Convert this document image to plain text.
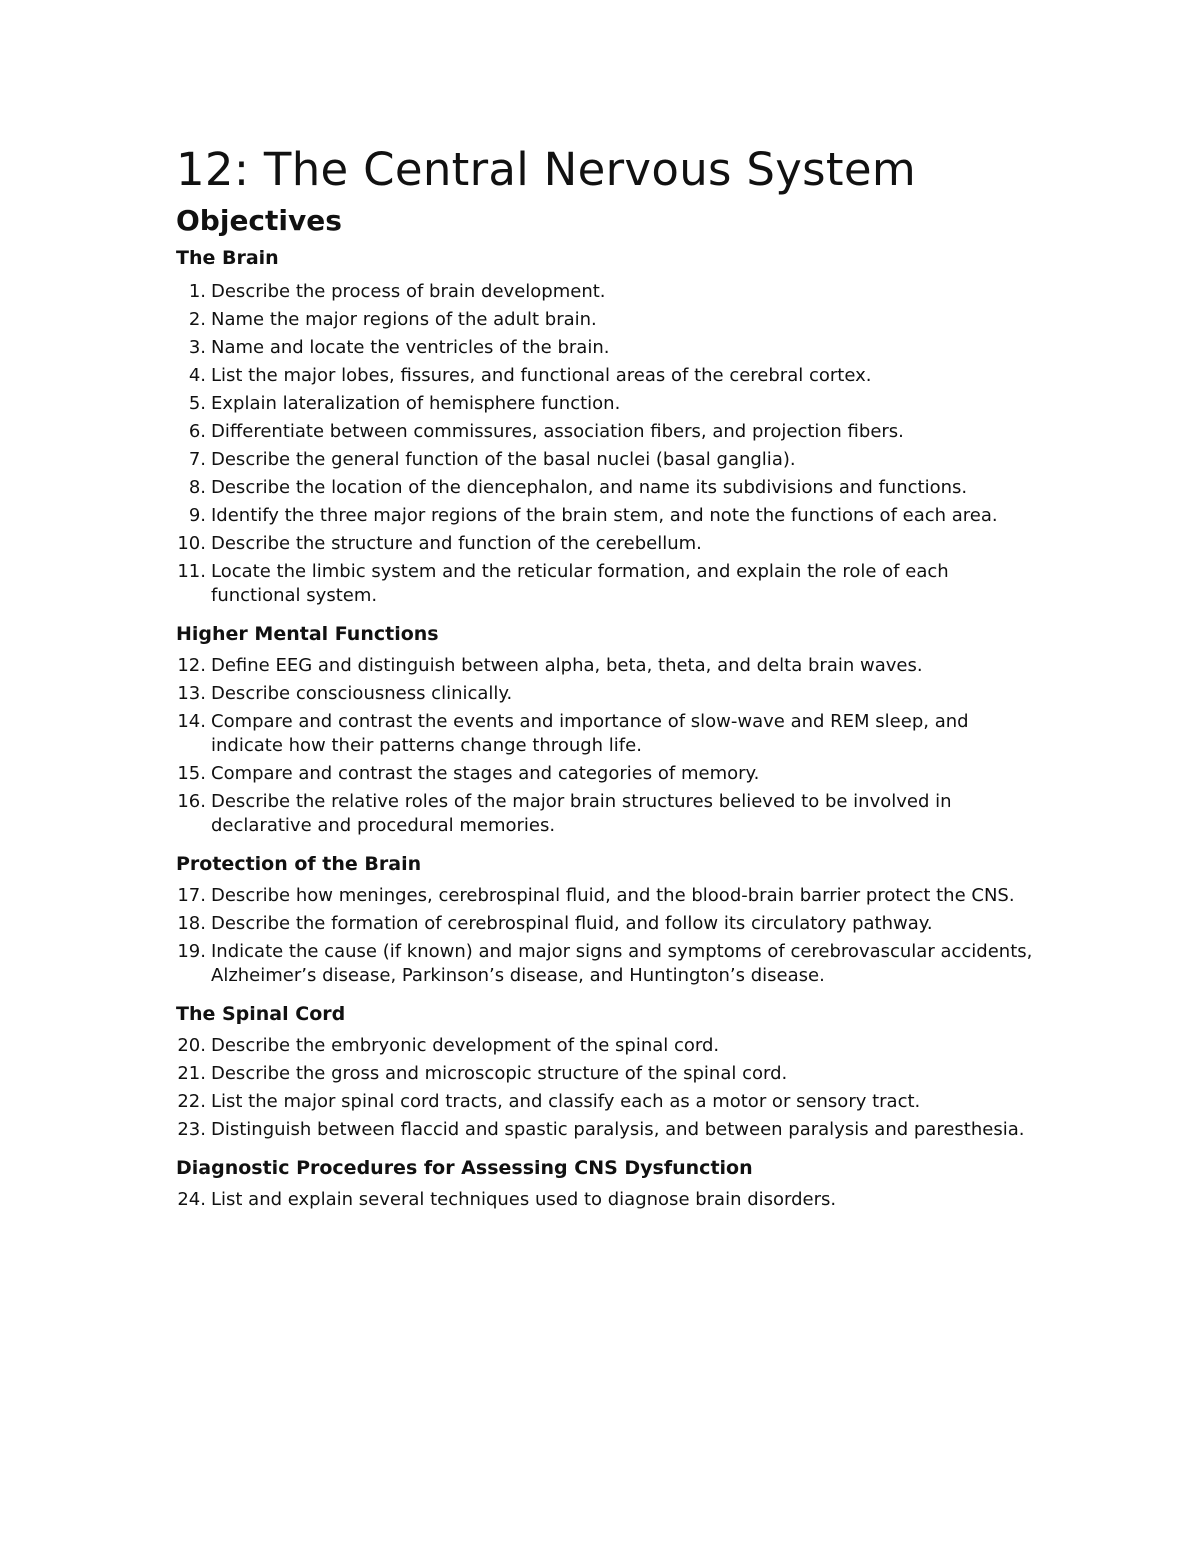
12: The Central Nervous System
Objectives
The Brain
1. Describe the process of brain development.
2. Name the major regions of the adult brain.
3. Name and locate the ventricles of the brain.
4. List the major lobes, fissures, and functional areas of the cerebral cortex.
5. Explain lateralization of hemisphere function.
6. Differentiate between commissures, association fibers, and projection fibers.
7. Describe the general function of the basal nuclei (basal ganglia).
8. Describe the location of the diencephalon, and name its subdivisions and functions.
9. Identify the three major regions of the brain stem, and note the functions of each area.
10. Describe the structure and function of the cerebellum.
11. Locate the limbic system and the reticular formation, and explain the role of each functional system.
Higher Mental Functions
12. Define EEG and distinguish between alpha, beta, theta, and delta brain waves.
13. Describe consciousness clinically.
14. Compare and contrast the events and importance of slow-wave and REM sleep, and indicate how their patterns change through life.
15. Compare and contrast the stages and categories of memory.
16. Describe the relative roles of the major brain structures believed to be involved in declarative and procedural memories.
Protection of the Brain
17. Describe how meninges, cerebrospinal fluid, and the blood-brain barrier protect the CNS.
18. Describe the formation of cerebrospinal fluid, and follow its circulatory pathway.
19. Indicate the cause (if known) and major signs and symptoms of cerebrovascular accidents, Alzheimer’s disease, Parkinson’s disease, and Huntington’s disease.
The Spinal Cord
20. Describe the embryonic development of the spinal cord.
21. Describe the gross and microscopic structure of the spinal cord.
22. List the major spinal cord tracts, and classify each as a motor or sensory tract.
23. Distinguish between flaccid and spastic paralysis, and between paralysis and paresthesia.
Diagnostic Procedures for Assessing CNS Dysfunction
24. List and explain several techniques used to diagnose brain disorders.
